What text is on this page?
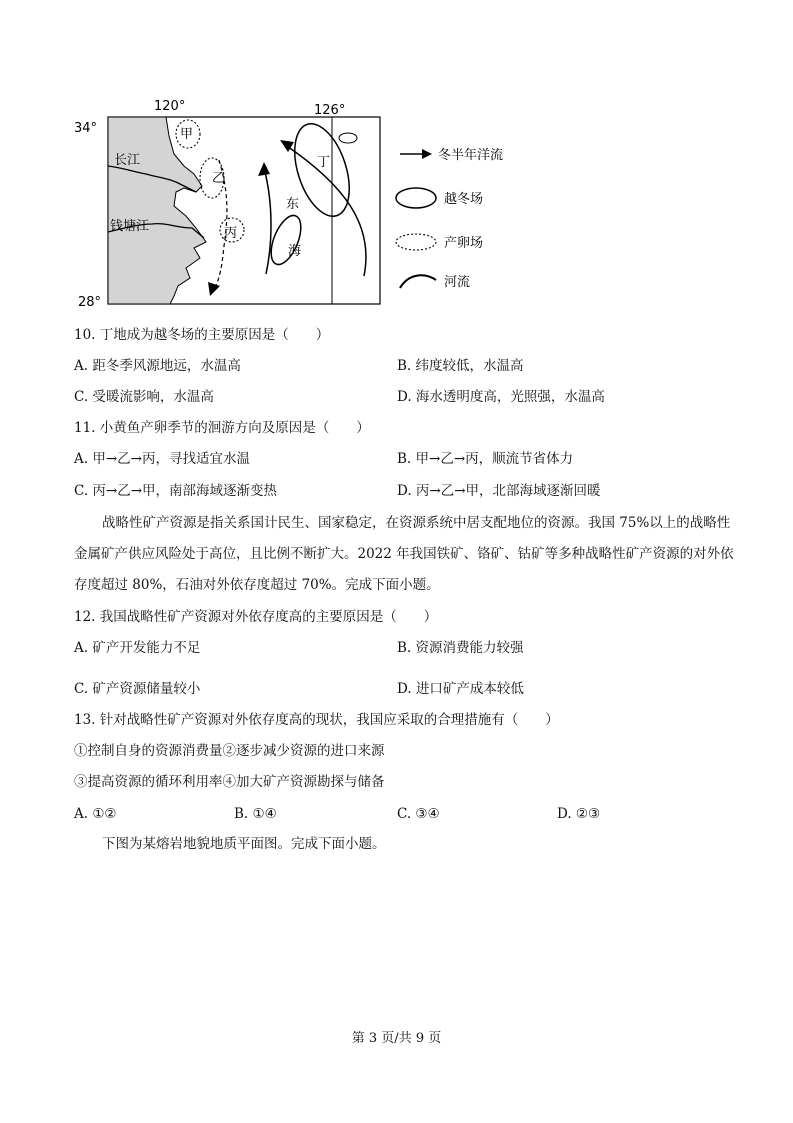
120°	126°
34°
28°
长江
钱塘江
甲
乙
丙
丁
东
海
冬半年洋流
越冬场
产卵场
河流
10. 丁地成为越冬场的主要原因是（　　）
A. 距冬季风源地远，水温高	B. 纬度较低，水温高
C. 受暖流影响，水温高	D. 海水透明度高，光照强，水温高
11. 小黄鱼产卵季节的洄游方向及原因是（　　）
A. 甲→乙→丙，寻找适宜水温	B. 甲→乙→丙，顺流节省体力
C. 丙→乙→甲，南部海域逐渐变热	D. 丙→乙→甲，北部海域逐渐回暖
战略性矿产资源是指关系国计民生、国家稳定，在资源系统中居支配地位的资源。我国 75%以上的战略性金属矿产供应风险处于高位，且比例不断扩大。2022 年我国铁矿、铬矿、钴矿等多种战略性矿产资源的对外依存度超过 80%，石油对外依存度超过 70%。完成下面小题。
12. 我国战略性矿产资源对外依存度高的主要原因是（　　）
A. 矿产开发能力不足	B. 资源消费能力较强
C. 矿产资源储量较小	D. 进口矿产成本较低
13. 针对战略性矿产资源对外依存度高的现状，我国应采取的合理措施有（　　）
①控制自身的资源消费量②逐步减少资源的进口来源
③提高资源的循环利用率④加大矿产资源勘探与储备
A. ①②	B. ①④	C. ③④	D. ②③
下图为某熔岩地貌地质平面图。完成下面小题。
第 3 页/共 9 页
